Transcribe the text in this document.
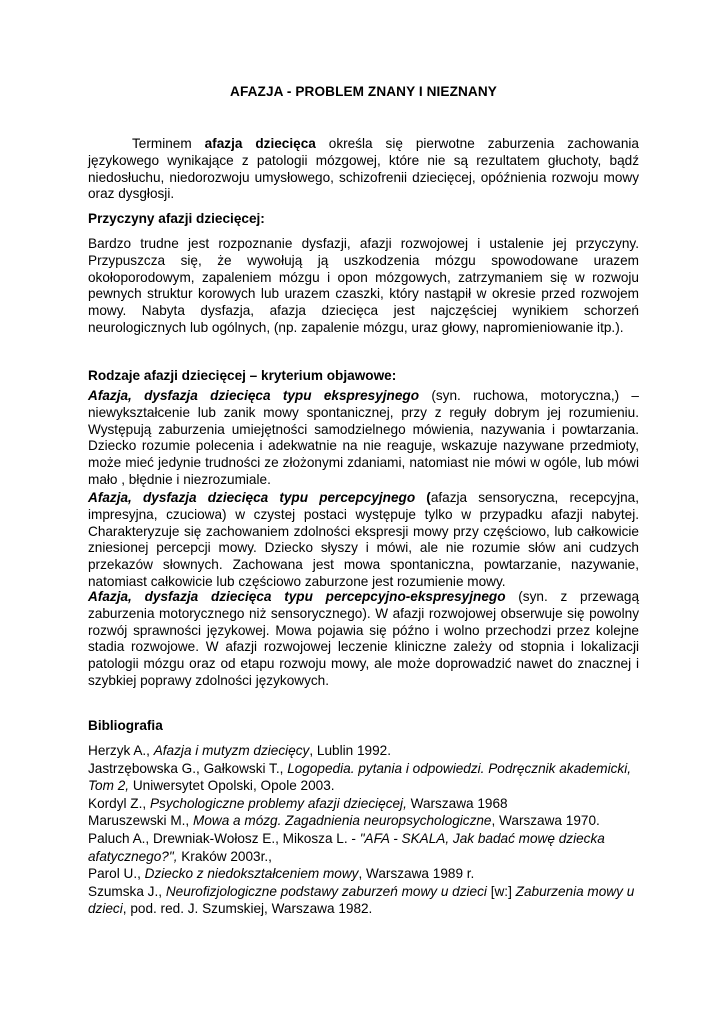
AFAZJA - PROBLEM ZNANY I NIEZNANY
Terminem afazja dziecięca określa się pierwotne zaburzenia zachowania językowego wynikające z patologii mózgowej, które nie są rezultatem głuchoty, bądź niedosłuchu, niedorozwoju umysłowego, schizofrenii dziecięcej, opóźnienia rozwoju mowy oraz dysgłosji.
Przyczyny afazji dziecięcej:
Bardzo trudne jest rozpoznanie dysfazji, afazji rozwojowej i ustalenie jej przyczyny. Przypuszcza się, że wywołują ją uszkodzenia mózgu spowodowane urazem okołoporodowym, zapaleniem mózgu i opon mózgowych, zatrzymaniem się w rozwoju pewnych struktur korowych lub urazem czaszki, który nastąpił w okresie przed rozwojem mowy. Nabyta dysfazja, afazja dziecięca jest najczęściej wynikiem schorzeń neurologicznych lub ogólnych, (np. zapalenie mózgu, uraz głowy, napromieniowanie itp.).
Rodzaje afazji dziecięcej – kryterium objawowe:
Afazja, dysfazja dziecięca typu ekspresyjnego (syn. ruchowa, motoryczna,) – niewykształcenie lub zanik mowy spontanicznej, przy z reguły dobrym jej rozumieniu. Występują zaburzenia umiejętności samodzielnego mówienia, nazywania i powtarzania. Dziecko rozumie polecenia i adekwatnie na nie reaguje, wskazuje nazywane przedmioty, może mieć jedynie trudności ze złożonymi zdaniami, natomiast nie mówi w ogóle, lub mówi mało , błędnie i niezrozumiale.
Afazja, dysfazja dziecięca typu percepcyjnego (afazja sensoryczna, recepcyjna, impresyjna, czuciowa) w czystej postaci występuje tylko w przypadku afazji nabytej. Charakteryzuje się zachowaniem zdolności ekspresji mowy przy częściowo, lub całkowicie zniesionej percepcji mowy. Dziecko słyszy i mówi, ale nie rozumie słów ani cudzych przekazów słownych. Zachowana jest mowa spontaniczna, powtarzanie, nazywanie, natomiast całkowicie lub częściowo zaburzone jest rozumienie mowy.
Afazja, dysfazja dziecięca typu percepcyjno-ekspresyjnego (syn. z przewagą zaburzenia motorycznego niż sensorycznego). W afazji rozwojowej obserwuje się powolny rozwój sprawności językowej. Mowa pojawia się późno i wolno przechodzi przez kolejne stadia rozwojowe. W afazji rozwojowej leczenie kliniczne zależy od stopnia i lokalizacji patologii mózgu oraz od etapu rozwoju mowy, ale może doprowadzić nawet do znacznej i szybkiej poprawy zdolności językowych.
Bibliografia
Herzyk A., Afazja i mutyzm dziecięcy, Lublin 1992.
Jastrzębowska G., Gałkowski T., Logopedia. pytania i odpowiedzi. Podręcznik akademicki, Tom 2, Uniwersytet Opolski, Opole 2003.
Kordyl Z., Psychologiczne problemy afazji dziecięcej, Warszawa 1968
Maruszewski M., Mowa a mózg. Zagadnienia neuropsychologiczne, Warszawa 1970.
Paluch A., Drewniak-Wołosz E., Mikosza L. - "AFA - SKALA, Jak badać mowę dziecka afatycznego?", Kraków 2003r.,
Parol U., Dziecko z niedokształceniem mowy, Warszawa 1989 r.
Szumska J., Neurofizjologiczne podstawy zaburzeń mowy u dzieci [w:] Zaburzenia mowy u dzieci, pod. red. J. Szumskiej, Warszawa 1982.
